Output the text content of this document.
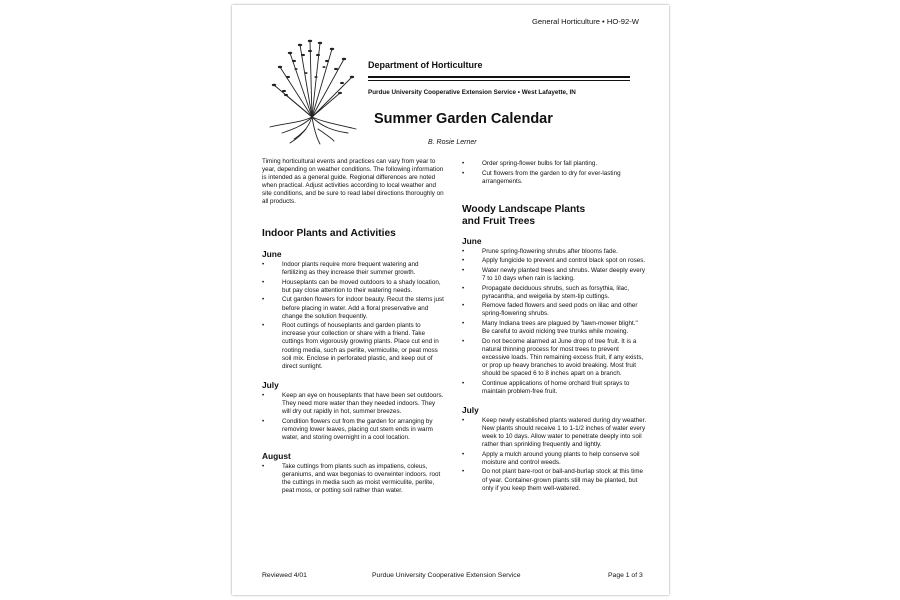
General Horticulture • HO-92-W
Department of Horticulture
Purdue University Cooperative Extension Service • West Lafayette, IN
Summer Garden Calendar
B. Rosie Lerner

Timing horticultural events and practices can vary from year to year, depending on weather conditions. The following information is intended as a general guide. Regional differences are noted when practical. Adjust activities according to local weather and site conditions, and be sure to read label directions thoroughly on all products.

Indoor Plants and Activities
June
• Indoor plants require more frequent watering and fertilizing as they increase their summer growth.
• Houseplants can be moved outdoors to a shady location, but pay close attention to their watering needs.
• Cut garden flowers for indoor beauty. Recut the stems just before placing in water. Add a floral preservative and change the solution frequently.
• Root cuttings of houseplants and garden plants to increase your collection or share with a friend. Take cuttings from vigorously growing plants. Place cut end in rooting media, such as perlite, vermiculite, or peat moss soil mix. Enclose in perforated plastic, and keep out of direct sunlight.
July
• Keep an eye on houseplants that have been set outdoors. They need more water than they needed indoors. They will dry out rapidly in hot, summer breezes.
• Condition flowers cut from the garden for arranging by removing lower leaves, placing cut stem ends in warm water, and storing overnight in a cool location.
August
• Take cuttings from plants such as impatiens, coleus, geraniums, and wax begonias to overwinter indoors. root the cuttings in media such as moist vermiculite, perlite, peat moss, or potting soil rather than water.
• Order spring-flower bulbs for fall planting.
• Cut flowers from the garden to dry for ever-lasting arrangements.
Woody Landscape Plants
and Fruit Trees
June
• Prune spring-flowering shrubs after blooms fade.
• Apply fungicide to prevent and control black spot on roses.
• Water newly planted trees and shrubs. Water deeply every 7 to 10 days when rain is lacking.
• Propagate deciduous shrubs, such as forsythia, lilac, pyracantha, and weigelia by stem-tip cuttings.
• Remove faded flowers and seed pods on lilac and other spring-flowering shrubs.
• Many Indiana trees are plagued by "lawn-mower blight." Be careful to avoid nicking tree trunks while mowing.
• Do not become alarmed at June drop of tree fruit. It is a natural thinning process for most trees to prevent excessive loads. Thin remaining excess fruit, if any exists, or prop up heavy branches to avoid breaking. Most fruit should be spaced 6 to 8 inches apart on a branch.
• Continue applications of home orchard fruit sprays to maintain problem-free fruit.
July
• Keep newly established plants watered during dry weather. New plants should receive 1 to 1-1/2 inches of water every week to 10 days. Allow water to penetrate deeply into soil rather than sprinkling frequently and lightly.
• Apply a mulch around young plants to help conserve soil moisture and control weeds.
• Do not plant bare-root or ball-and-burlap stock at this time of year. Container-grown plants still may be planted, but only if you keep them well-watered.
Reviewed 4/01	Purdue University Cooperative Extension Service	Page 1 of 3
